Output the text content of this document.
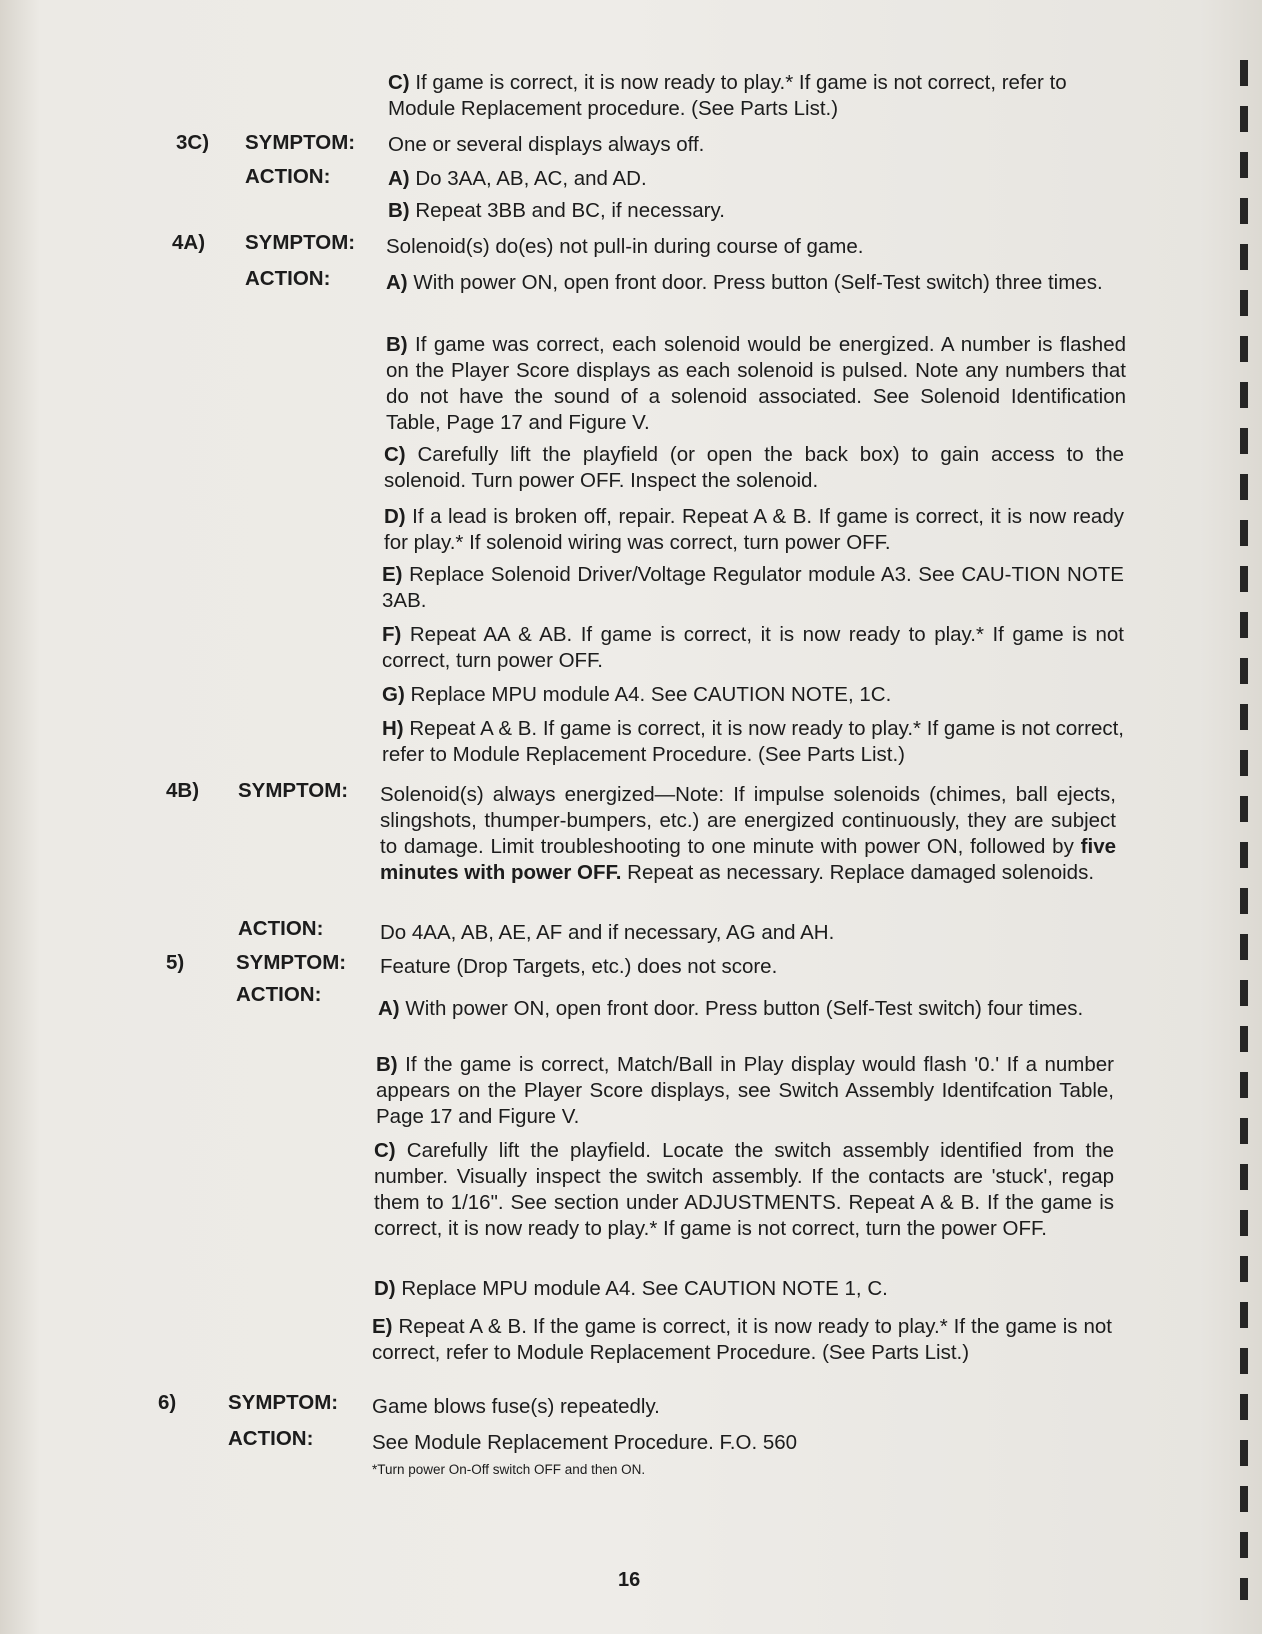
C) If game is correct, it is now ready to play.* If game is not correct, refer to Module Replacement procedure. (See Parts List.)
3C) SYMPTOM: One or several displays always off.
ACTION:	A) Do 3AA, AB, AC, and AD.
B) Repeat 3BB and BC, if necessary.
4A) SYMPTOM: Solenoid(s) do(es) not pull-in during course of game.
ACTION:	A) With power ON, open front door. Press button (Self-Test switch) three times.
B) If game was correct, each solenoid would be energized. A number is flashed on the Player Score displays as each solenoid is pulsed. Note any numbers that do not have the sound of a solenoid associated. See Solenoid Identification Table, Page 17 and Figure V.
C) Carefully lift the playfield (or open the back box) to gain access to the solenoid. Turn power OFF. Inspect the solenoid.
D) If a lead is broken off, repair. Repeat A & B. If game is correct, it is now ready for play.* If solenoid wiring was correct, turn power OFF.
E) Replace Solenoid Driver/Voltage Regulator module A3. See CAU-TION NOTE 3AB.
F) Repeat AA & AB. If game is correct, it is now ready to play.* If game is not correct, turn power OFF.
G) Replace MPU module A4. See CAUTION NOTE, 1C.
H) Repeat A & B. If game is correct, it is now ready to play.* If game is not correct, refer to Module Replacement Procedure. (See Parts List.)
4B) SYMPTOM: Solenoid(s) always energized—Note: If impulse solenoids (chimes, ball ejects, slingshots, thumper-bumpers, etc.) are energized continuously, they are subject to damage. Limit troubleshooting to one minute with power ON, followed by five minutes with power OFF. Repeat as necessary. Replace damaged solenoids.
ACTION:	Do 4AA, AB, AE, AF and if necessary, AG and AH.
5)	SYMPTOM: Feature (Drop Targets, etc.) does not score.
ACTION:
A) With power ON, open front door. Press button (Self-Test switch) four times.
B) If the game is correct, Match/Ball in Play display would flash '0.' If a number appears on the Player Score displays, see Switch Assembly Identifcation Table, Page 17 and Figure V.
C) Carefully lift the playfield. Locate the switch assembly identified from the number. Visually inspect the switch assembly. If the contacts are 'stuck', regap them to 1/16". See section under ADJUSTMENTS. Repeat A & B. If the game is correct, it is now ready to play.* If game is not correct, turn the power OFF.
D) Replace MPU module A4. See CAUTION NOTE 1, C.
E) Repeat A & B. If the game is correct, it is now ready to play.* If the game is not correct, refer to Module Replacement Procedure. (See Parts List.)
6)	SYMPTOM: Game blows fuse(s) repeatedly.
ACTION:	See Module Replacement Procedure. F.O. 560
*Turn power On-Off switch OFF and then ON.
16
